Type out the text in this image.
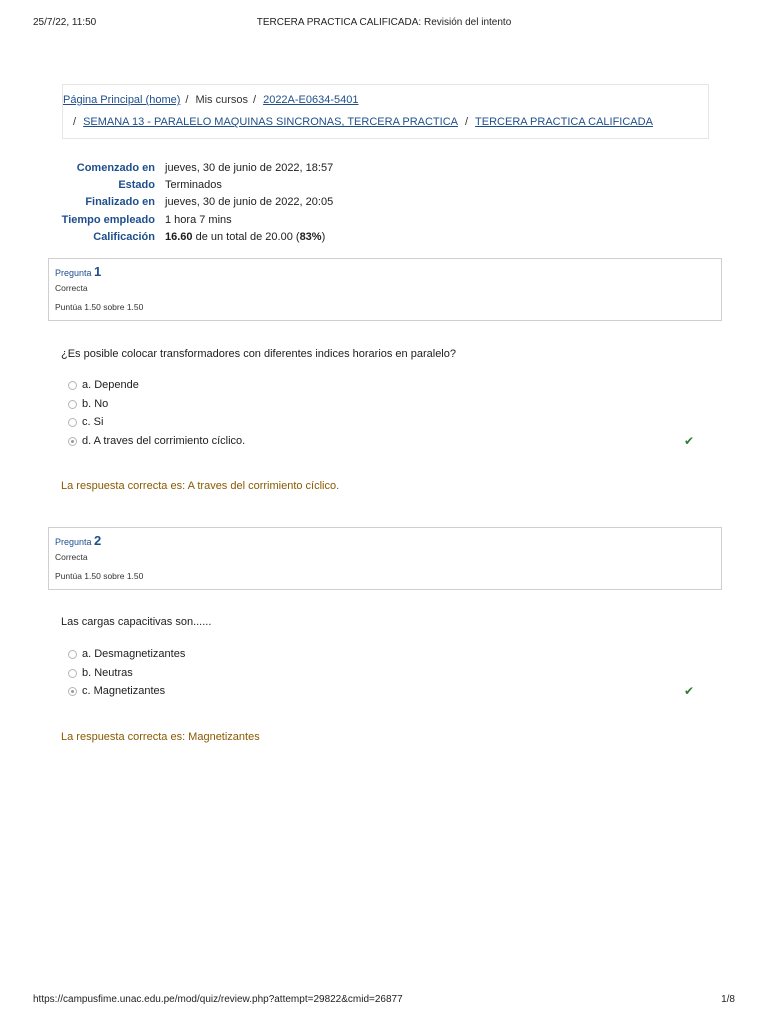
25/7/22, 11:50	TERCERA PRACTICA CALIFICADA: Revisión del intento
Página Principal (home) / Mis cursos / 2022A-E0634-5401
/ SEMANA 13 - PARALELO MAQUINAS SINCRONAS, TERCERA PRACTICA / TERCERA PRACTICA CALIFICADA
Comenzado en jueves, 30 de junio de 2022, 18:57
Estado Terminados
Finalizado en jueves, 30 de junio de 2022, 20:05
Tiempo empleado 1 hora 7 mins
Calificación 16.60 de un total de 20.00 (83%)
Pregunta 1
Correcta
Puntúa 1.50 sobre 1.50
¿Es posible colocar transformadores con diferentes indices horarios en paralelo?
a. Depende
b. No
c. Si
d. A traves del corrimiento cíclico.	✔
La respuesta correcta es: A traves del corrimiento cíclico.
Pregunta 2
Correcta
Puntúa 1.50 sobre 1.50
Las cargas capacitivas son......
a. Desmagnetizantes
b. Neutras
c. Magnetizantes	✔
La respuesta correcta es: Magnetizantes
https://campusfime.unac.edu.pe/mod/quiz/review.php?attempt=29822&cmid=26877	1/8
